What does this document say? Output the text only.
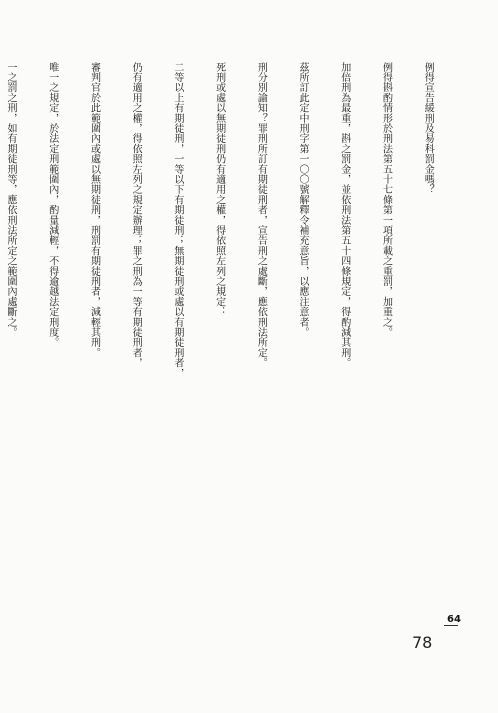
例得宣告緩刑及易科罰金嗎？

例得斟酌情形於刑法第五十七條第一項所載之重罰，加重之。

加倍刑為最重，斟之罰金，並依刑法第五十四條規定，得酌減其刑。

茲所訂此定中刑字第一〇〇號解釋令補充意旨，以應注意者。

刑分別諭知？罪刑所訂有期徒刑者，宣告刑之處斷，應依刑法所定。

死刑或處以無期徒刑仍有適用之權，得依照左列之規定：

二等以上有期徒刑，一等以下有期徒刑；無期徒刑或處以有期徒刑者，

仍有適用之權，得依照左列之規定辦理；罪之刑為一等有期徒刑者，

審判官於此範圍內或處以無期徒刑，刑罰有期徒刑者，減輕其刑。

唯一之規定，於法定刑範圍內，酌量減輕，不得逾越法定刑度。

一之罰之刑，如有期徒刑等，應依刑法所定之範圍內處斷之。

64
78
